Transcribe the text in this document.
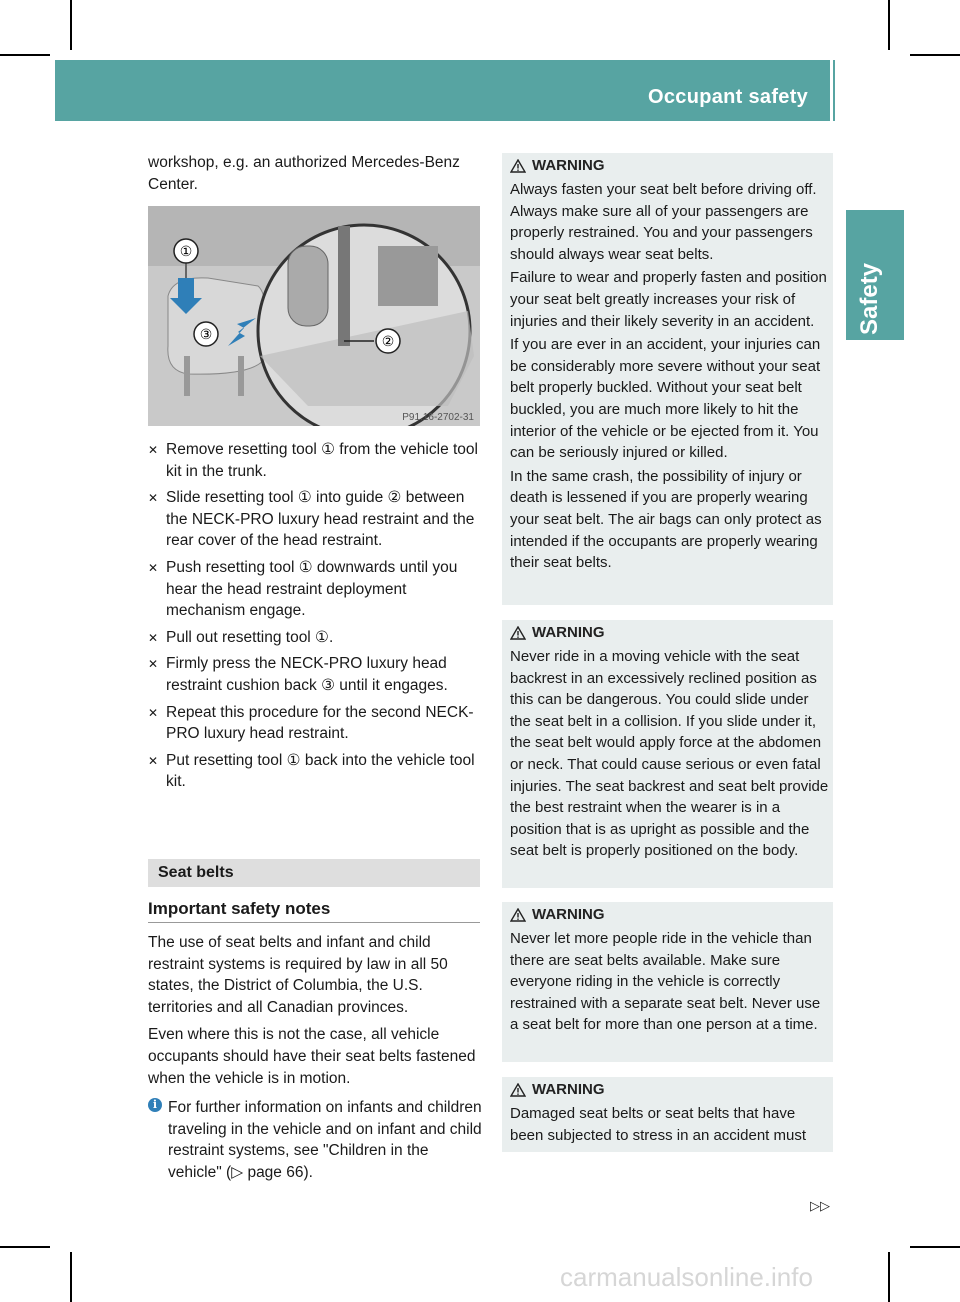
Occupant safety 61
Safety

workshop, e.g. an authorized Mercedes-Benz Center.

①
③	②
P91.16-2702-31
✕ Remove resetting tool ① from the vehicle tool kit in the trunk.
✕ Slide resetting tool ① into guide ② between the NECK-PRO luxury head restraint and the rear cover of the head restraint.
✕ Push resetting tool ① downwards until you hear the head restraint deployment mechanism engage.
✕ Pull out resetting tool ①.
✕ Firmly press the NECK-PRO luxury head restraint cushion back ③ until it engages.
✕ Repeat this procedure for the second NECK-PRO luxury head restraint.
✕ Put resetting tool ① back into the vehicle tool kit.
Seat belts
Important safety notes

The use of seat belts and infant and child restraint systems is required by law in all 50 states, the District of Columbia, the U.S. territories and all Canadian provinces.

Even where this is not the case, all vehicle occupants should have their seat belts fastened when the vehicle is in motion.

i For further information on infants and children traveling in the vehicle and on infant and child restraint systems, see "Children in the vehicle" (▷ page 66).
WARNING

Always fasten your seat belt before driving off. Always make sure all of your passengers are properly restrained. You and your passengers should always wear seat belts.

Failure to wear and properly fasten and position your seat belt greatly increases your risk of injuries and their likely severity in an accident.

If you are ever in an accident, your injuries can be considerably more severe without your seat belt properly buckled. Without your seat belt buckled, you are much more likely to hit the interior of the vehicle or be ejected from it. You can be seriously injured or killed.

In the same crash, the possibility of injury or death is lessened if you are properly wearing your seat belt. The air bags can only protect as intended if the occupants are properly wearing their seat belts.

WARNING

Never ride in a moving vehicle with the seat backrest in an excessively reclined position as this can be dangerous. You could slide under the seat belt in a collision. If you slide under it, the seat belt would apply force at the abdomen or neck. That could cause serious or even fatal injuries. The seat backrest and seat belt provide the best restraint when the wearer is in a position that is as upright as possible and the seat belt is properly positioned on the body.

WARNING

Never let more people ride in the vehicle than there are seat belts available. Make sure everyone riding in the vehicle is correctly restrained with a separate seat belt. Never use a seat belt for more than one person at a time.

WARNING

Damaged seat belts or seat belts that have been subjected to stress in an accident must

▷▷
carmanualsonline.info
